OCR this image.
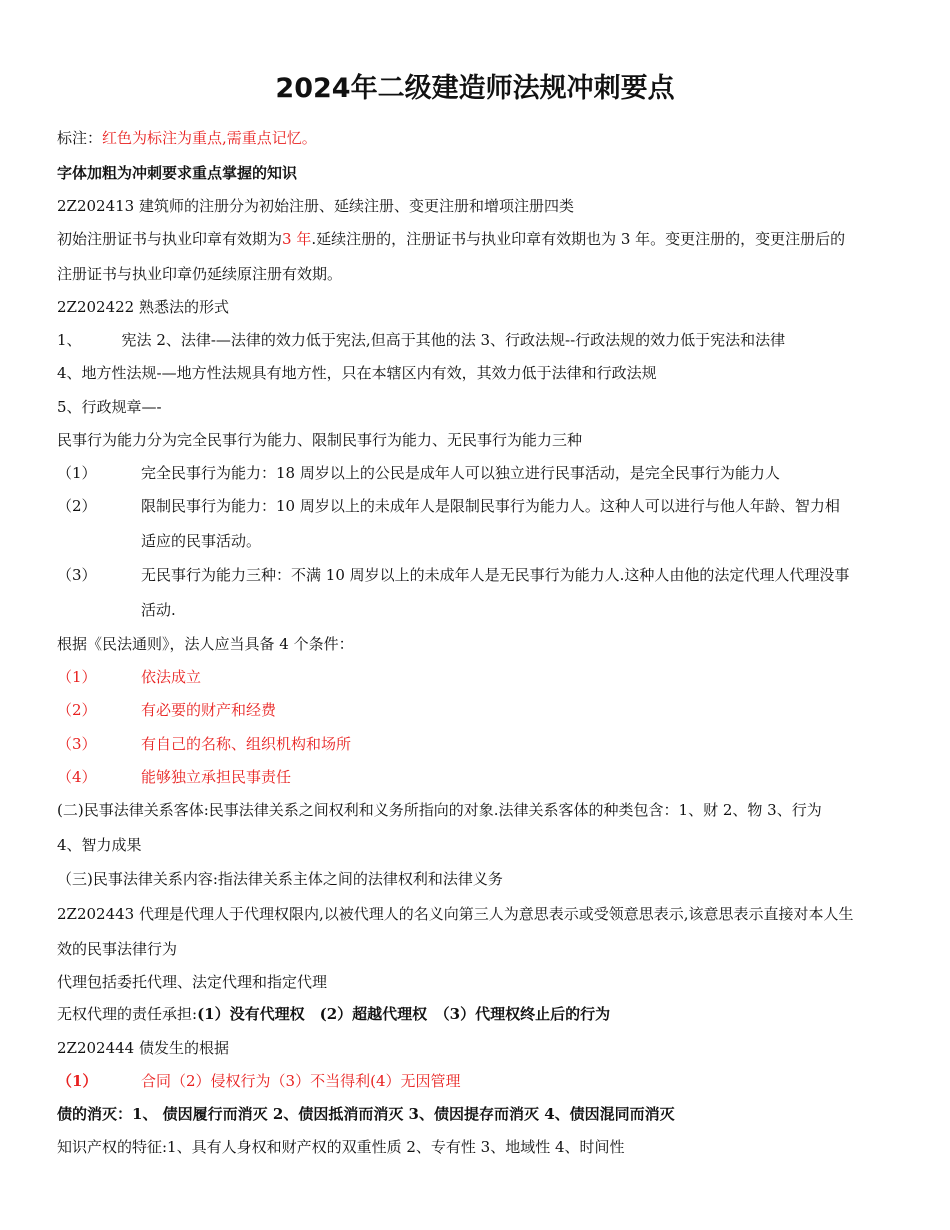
2024年二级建造师法规冲刺要点
标注：红色为标注为重点,需重点记忆。
字体加粗为冲刺要求重点掌握的知识
2Z202413 建筑师的注册分为初始注册、延续注册、变更注册和增项注册四类
初始注册证书与执业印章有效期为3 年.延续注册的，注册证书与执业印章有效期也为 3 年。变更注册的，变更注册后的
注册证书与执业印章仍延续原注册有效期。
2Z202422 熟悉法的形式
1、	宪法 2、法律-—法律的效力低于宪法,但高于其他的法 3、行政法规--行政法规的效力低于宪法和法律
4、地方性法规-—地方性法规具有地方性，只在本辖区内有效，其效力低于法律和行政法规
5、行政规章—-
民事行为能力分为完全民事行为能力、限制民事行为能力、无民事行为能力三种
（1）	完全民事行为能力：18 周岁以上的公民是成年人可以独立进行民事活动，是完全民事行为能力人
（2）	限制民事行为能力：10 周岁以上的未成年人是限制民事行为能力人。这种人可以进行与他人年龄、智力相
适应的民事活动。
（3）	无民事行为能力三种：不满 10 周岁以上的未成年人是无民事行为能力人.这种人由他的法定代理人代理没事
活动.
根据《民法通则》，法人应当具备 4 个条件：
（1）	依法成立
（2）	有必要的财产和经费
（3）	有自己的名称、组织机构和场所
（4）	能够独立承担民事责任
(二)民事法律关系客体:民事法律关系之间权利和义务所指向的对象.法律关系客体的种类包含：1、财 2、物 3、行为
4、智力成果
（三)民事法律关系内容:指法律关系主体之间的法律权利和法律义务
2Z202443 代理是代理人于代理权限内,以被代理人的名义向第三人为意思表示或受领意思表示,该意思表示直接对本人生
效的民事法律行为
代理包括委托代理、法定代理和指定代理
无权代理的责任承担:(1）没有代理权　(2）超越代理权　（3）代理权终止后的行为
2Z202444 债发生的根据
（1）	合同（2）侵权行为（3）不当得利(4）无因管理
债的消灭：1、 债因履行而消灭 2、债因抵消而消灭 3、债因提存而消灭 4、债因混同而消灭
知识产权的特征:1、具有人身权和财产权的双重性质 2、专有性 3、地域性 4、时间性
